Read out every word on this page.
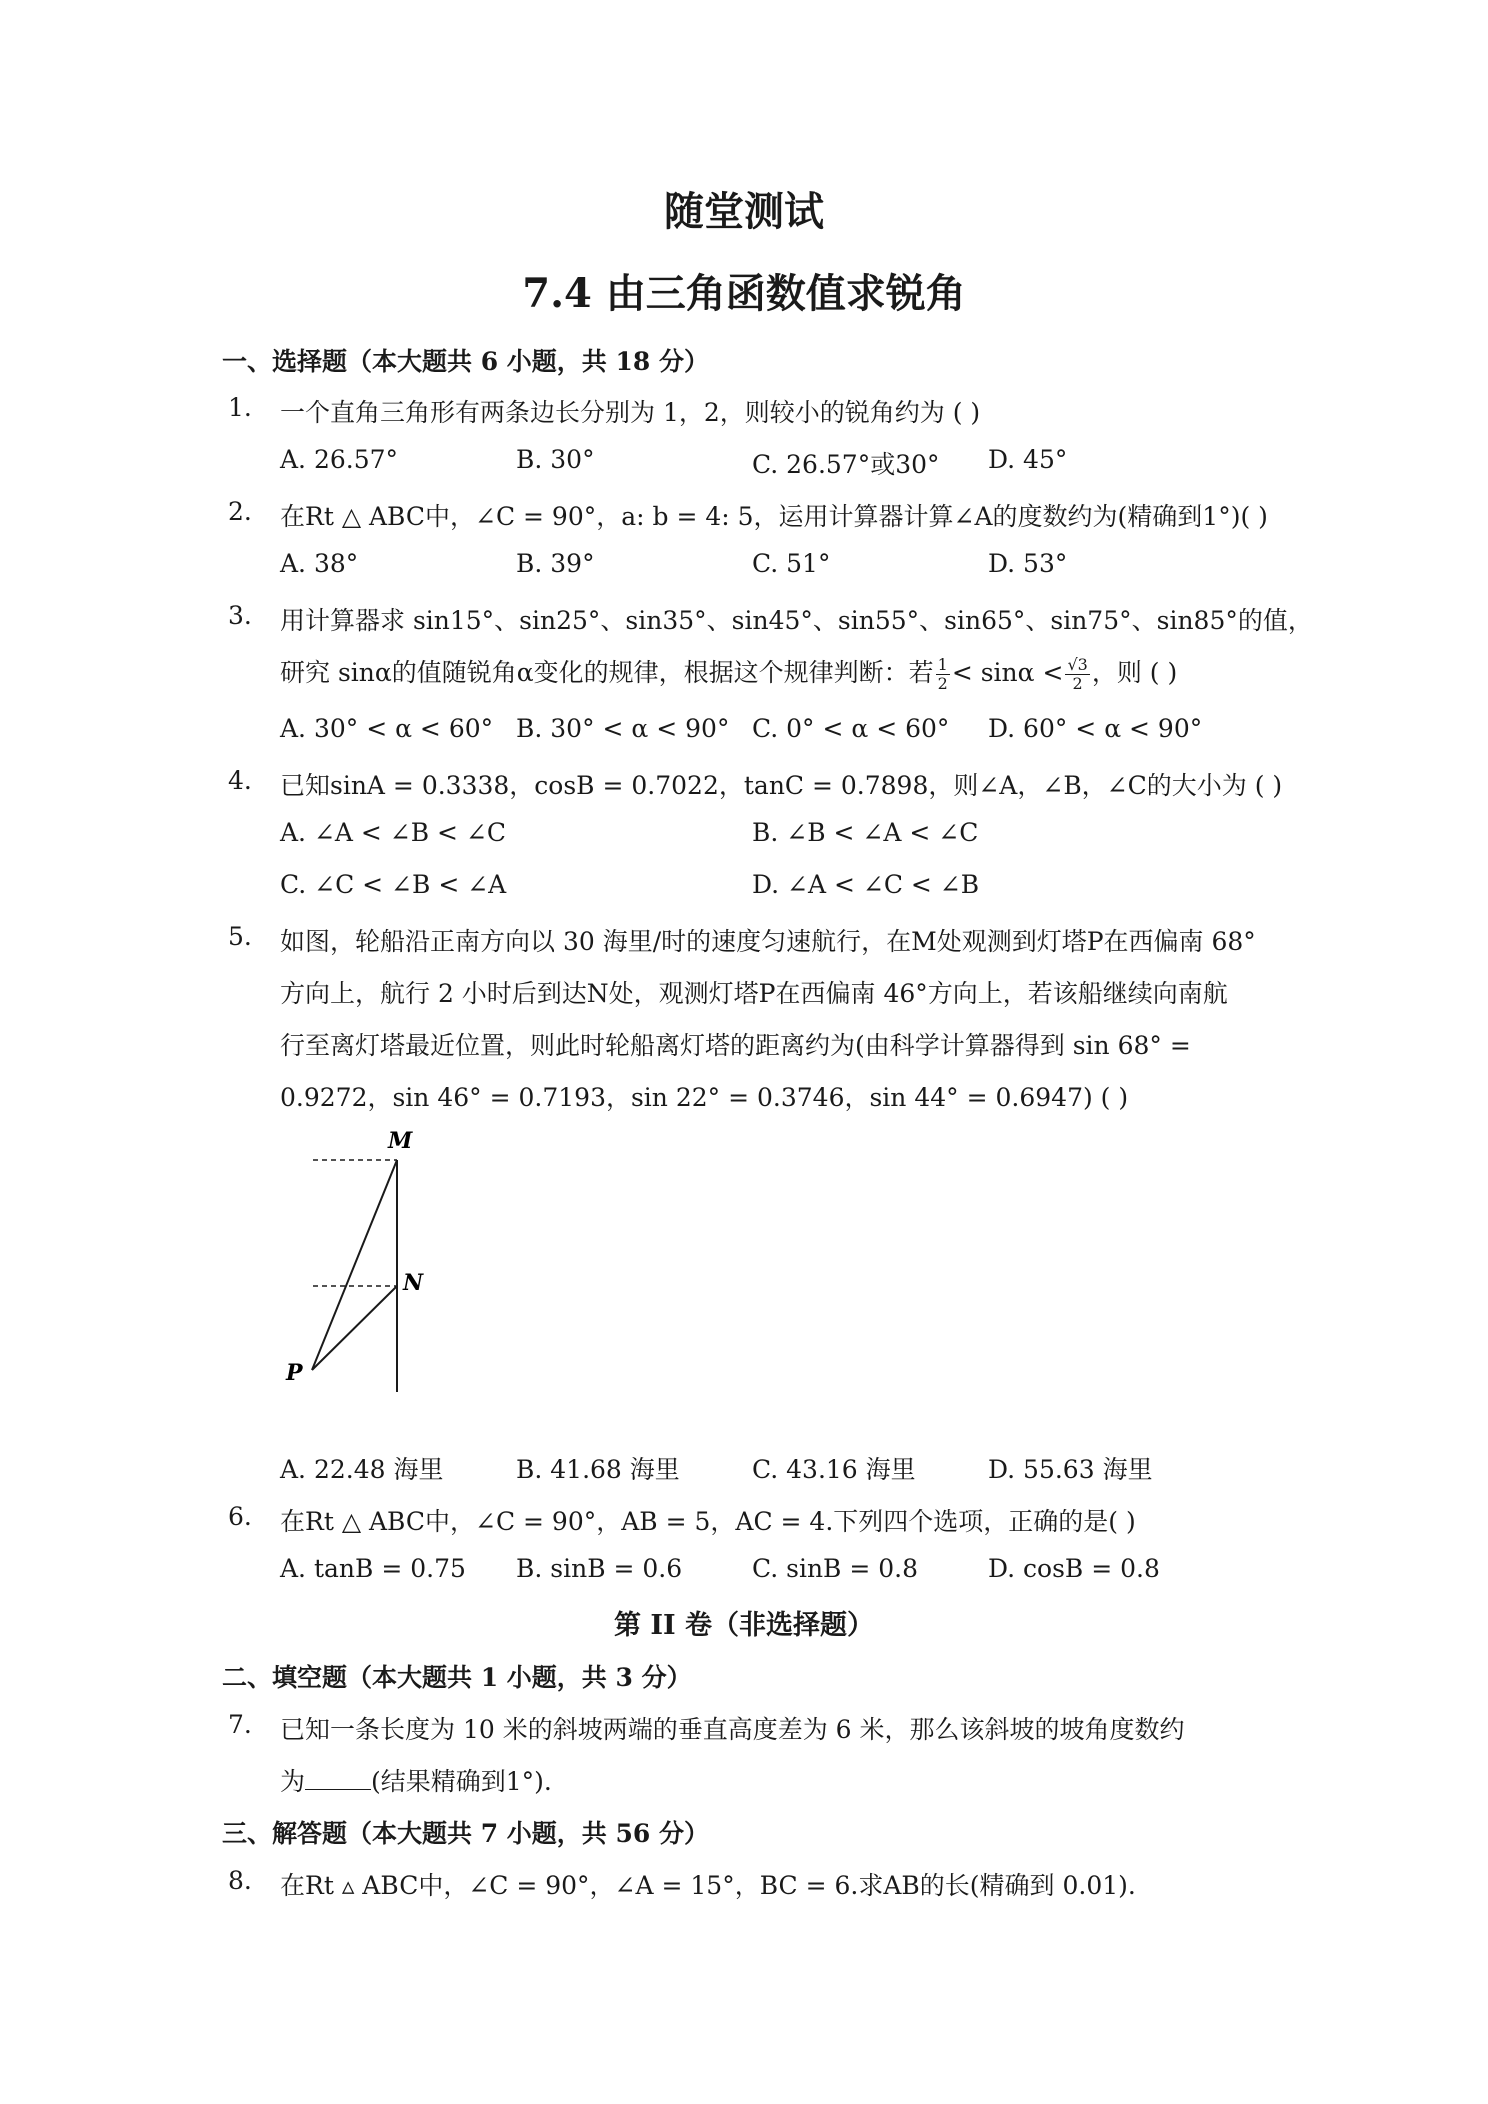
随堂测试
7.4 由三角函数值求锐角
一、选择题（本大题共 6 小题，共 18 分）
1. 一个直角三角形有两条边长分别为 1，2，则较小的锐角约为 ( )
A. 26.57°	B. 30°	C. 26.57°或30° D. 45°
2. 在Rt △ ABC中，∠C = 90°，a: b = 4: 5，运用计算器计算∠A的度数约为(精确到1°)( )
A. 38°	B. 39°	C. 51°	D. 53°
3. 用计算器求 sin15°、sin25°、sin35°、sin45°、sin55°、sin65°、sin75°、sin85°的值，
研究 sinα的值随锐角α变化的规律，根据这个规律判断：若 $\frac{1}{2} < \sin\alpha < \frac{√3}{2}$ ，则 ( )
A. 30° < α < 60° B. 30° < α < 90° C. 0° < α < 60° D. 60° < α < 90°
4. 已知sinA = 0.3338，cosB = 0.7022，tanC = 0.7898，则∠A，∠B，∠C的大小为 ( )
A. ∠A < ∠B < ∠C	B. ∠B < ∠A < ∠C
C. ∠C < ∠B < ∠A	D. ∠A < ∠C < ∠B
5. 如图，轮船沿正南方向以 30 海里/时的速度匀速航行，在M处观测到灯塔P在西偏南 68°
方向上，航行 2 小时后到达N处，观测灯塔P在西偏南 46°方向上，若该船继续向南航
行至离灯塔最近位置，则此时轮船离灯塔的距离约为(由科学计算器得到 sin 68° =
0.9272，sin 46° = 0.7193，sin 22° = 0.3746，sin 44° = 0.6947) ( )
M
N
P
A. 22.48 海里	B. 41.68 海里	C. 43.16 海里	D. 55.63 海里
6. 在Rt △ ABC中，∠C = 90°，AB = 5，AC = 4.下列四个选项，正确的是( )
A. tanB = 0.75 B. sinB = 0.6	C. sinB = 0.8	D. cosB = 0.8
第 II 卷（非选择题）
二、填空题（本大题共 1 小题，共 3 分）
7. 已知一条长度为 10 米的斜坡两端的垂直高度差为 6 米，那么该斜坡的坡角度数约
为	(结果精确到1°).
三、解答题（本大题共 7 小题，共 56 分）
8. 在Rt ▵ ABC中，∠C = 90°，∠A = 15°，BC = 6.求AB的长(精确到 0.01).
